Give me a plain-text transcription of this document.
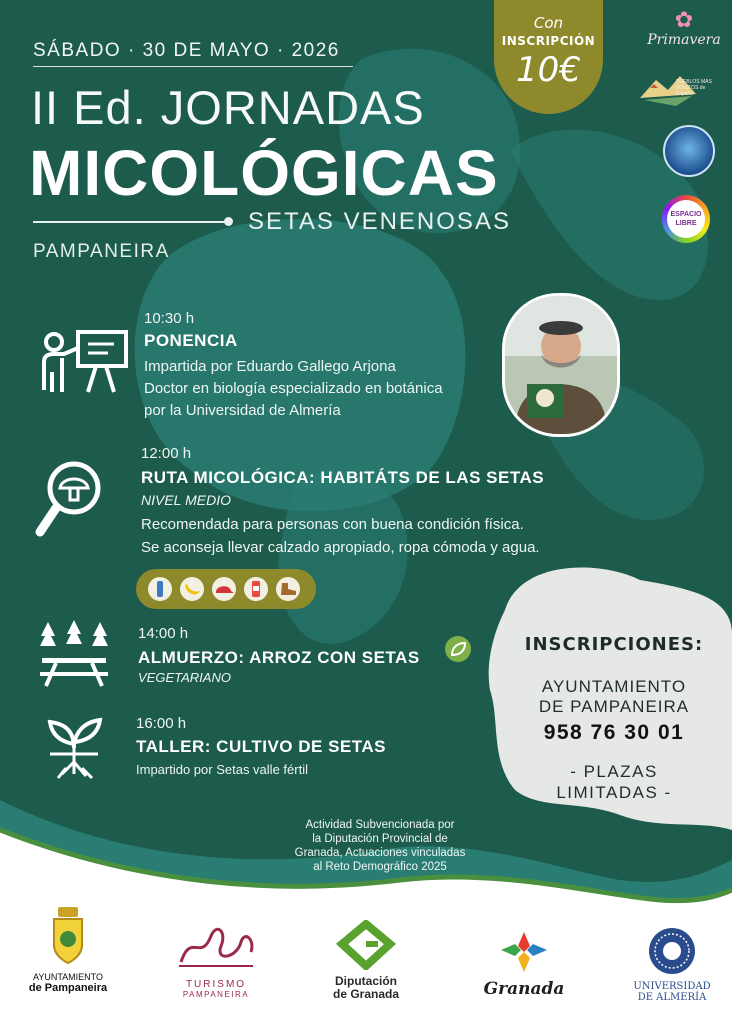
SÁBADO · 30 DE MAYO · 2026
II Ed. JORNADAS
MICOLÓGICAS
SETAS VENENOSAS
PAMPANEIRA
Con
INSCRIPCIÓN
10€
✿
Primavera
PUEBLOS MÁS BONITOS de España
ESPACIO LIBRE
10:30 h
PONENCIA
Impartida por Eduardo Gallego Arjona
Doctor en biología especializado en botánica
por la Universidad de Almería
12:00 h
RUTA MICOLÓGICA: HABITÁTS DE LAS SETAS
NIVEL MEDIO
Recomendada para personas con buena condición física.
Se aconseja llevar calzado apropiado, ropa cómoda y agua.
14:00 h
ALMUERZO: ARROZ CON SETAS
VEGETARIANO
16:00 h
TALLER: CULTIVO DE SETAS
Impartido por Setas valle fértil
INSCRIPCIONES:
AYUNTAMIENTO
DE PAMPANEIRA
958 76 30 01
- PLAZAS
LIMITADAS -
Actividad Subvencionada por
la Diputación Provincial de
Granada, Actuaciones vinculadas
al Reto Demográfico 2025
AYUNTAMIENTO
de Pampaneira	TURISMO
PAMPANEIRA
Diputación
de Granada	Granada	UNIVERSIDAD
DE ALMERÍA
